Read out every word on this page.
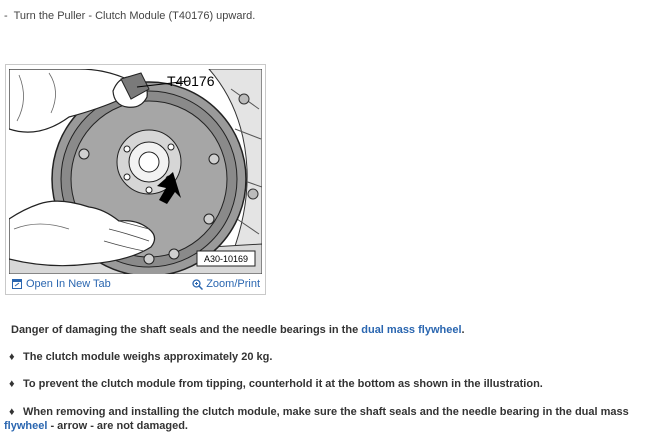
- Turn the Puller - Clutch Module (T40176) upward.
T40176
A30-10169
Open In New Tab	Zoom/Print
Danger of damaging the shaft seals and the needle bearings in the dual mass flywheel.
♦ The clutch module weighs approximately 20 kg.
♦ To prevent the clutch module from tipping, counterhold it at the bottom as shown in the illustration.
♦ When removing and installing the clutch module, make sure the shaft seals and the needle bearing in the dual mass flywheel - arrow - are not damaged.
